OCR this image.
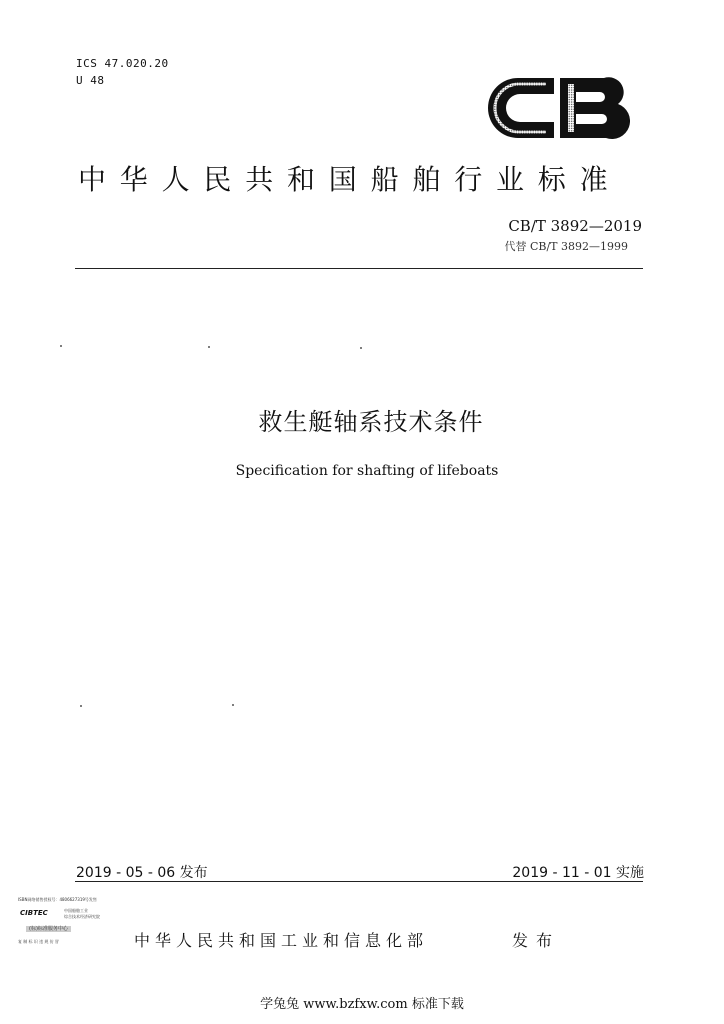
ICS 47.020.20
U 48
中华人民共和国船舶行业标准
CB/T 3892—2019
代替 CB/T 3892—1999
救生艇轴系技术条件
Specification for shafting of lifeboats
2019 - 05 - 06 发布	2019 - 11 - 01 实施
ISBN网络销售授权号：4806627319号发售
CIBTEC	中国船舶工业
综合技术经济研究院
(标)标准服务中心
复 制 标 识 违 规 仿 冒	中华人民共和国工业和信息化部	发布
学兔兔 www.bzfxw.com 标准下载
